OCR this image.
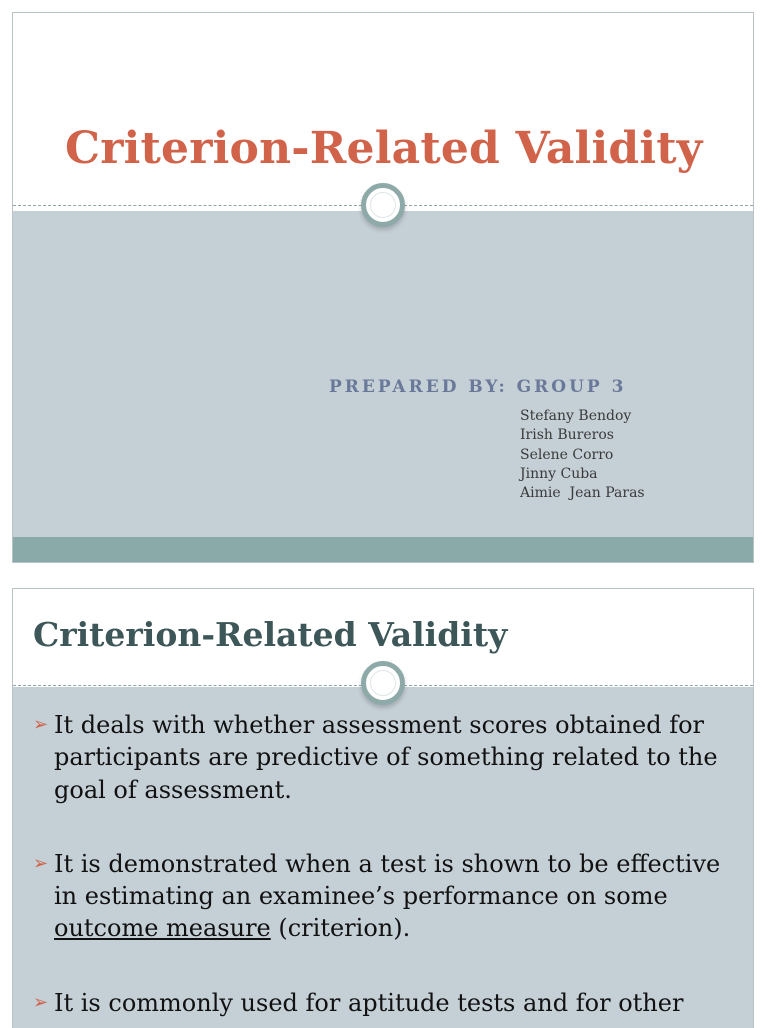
Criterion-Related Validity
PREPARED BY: GROUP 3
Stefany Bendoy
Irish Bureros
Selene Corro
Jinny Cuba
Aimie  Jean Paras
Criterion-Related Validity
➢ It deals with whether assessment scores obtained for participants are predictive of something related to the goal of assessment.
➢ It is demonstrated when a test is shown to be effective in estimating an examinee’s performance on some outcome measure (criterion).
➢ It is commonly used for aptitude tests and for other
